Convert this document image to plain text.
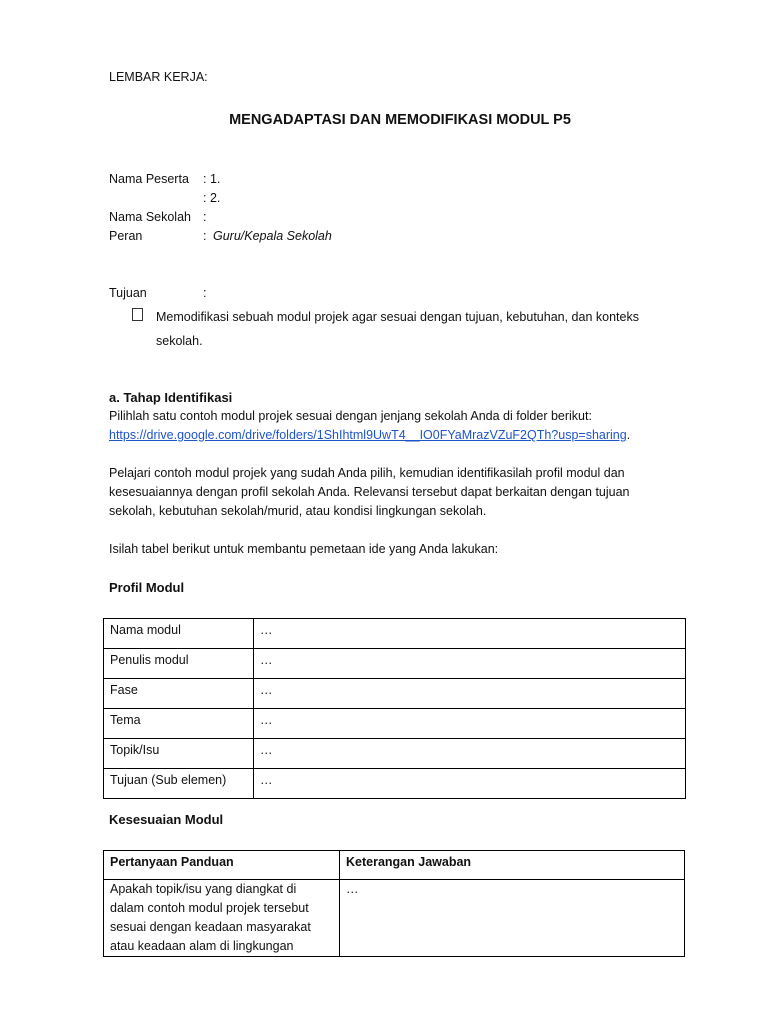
LEMBAR KERJA:
MENGADAPTASI DAN MEMODIFIKASI MODUL P5
Nama Peserta : 1.
: 2.
Nama Sekolah :
Peran	: Guru/Kepala Sekolah
Tujuan	:
Memodifikasi sebuah modul projek agar sesuai dengan tujuan, kebutuhan, dan konteks
sekolah.
a. Tahap Identifikasi
Pilihlah satu contoh modul projek sesuai dengan jenjang sekolah Anda di folder berikut:
https://drive.google.com/drive/folders/1ShIhtml9UwT4__IO0FYaMrazVZuF2QTh?usp=sharing.
Pelajari contoh modul projek yang sudah Anda pilih, kemudian identifikasilah profil modul dan
kesesuaiannya dengan profil sekolah Anda. Relevansi tersebut dapat berkaitan dengan tujuan
sekolah, kebutuhan sekolah/murid, atau kondisi lingkungan sekolah.
Isilah tabel berikut untuk membantu pemetaan ide yang Anda lakukan:
Profil Modul
Nama modul	…
Penulis modul	…
Fase	…
Tema	…
Topik/Isu	…
Tujuan (Sub elemen)	…
Kesesuaian Modul
Pertanyaan Panduan	Keterangan Jawaban

Apakah topik/isu yang diangkat di
dalam contoh modul projek tersebut
sesuai dengan keadaan masyarakat
atau keadaan alam di lingkungan	…
